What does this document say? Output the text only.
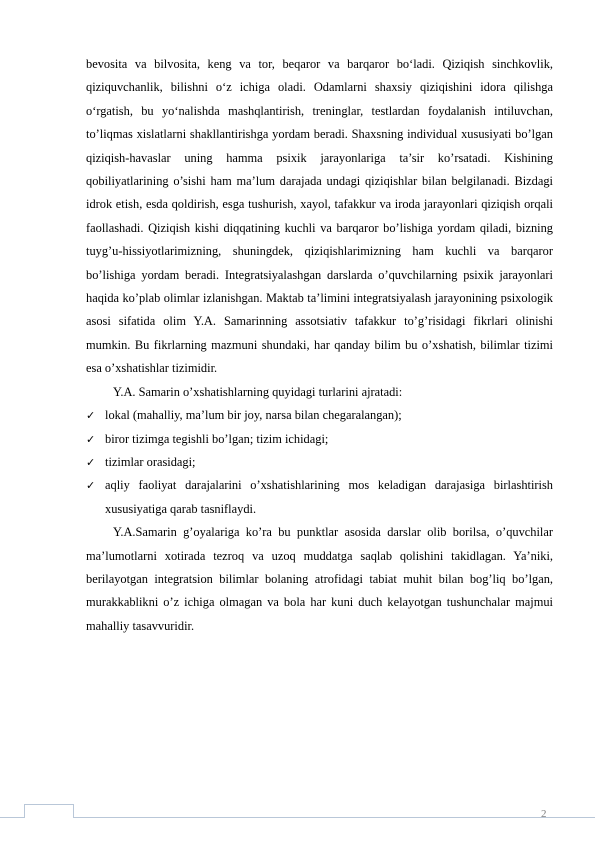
bevosita va bilvosita, keng va tor, beqaror va barqaror bo‘ladi. Qiziqish sinchkovlik, qiziquvchanlik, bilishni o‘z ichiga oladi. Odamlarni shaxsiy qiziqishini idora qilishga o‘rgatish, bu yo‘nalishda mashqlantirish, treninglar, testlardan foydalanish intiluvchan, to’liqmas xislatlarni shakllantirishga yordam beradi. Shaxsning individual xususiyati bo’lgan qiziqish-havaslar uning hamma psixik jarayonlariga ta’sir ko’rsatadi. Kishining qobiliyatlarining o’sishi ham ma’lum darajada undagi qiziqishlar bilan belgilanadi. Bizdagi idrok etish, esda qoldirish, esga tushurish, xayol, tafakkur va iroda jarayonlari qiziqish orqali faollashadi. Qiziqish kishi diqqatining kuchli va barqaror bo’lishiga yordam qiladi, bizning tuyg’u-hissiyotlarimizning, shuningdek, qiziqishlarimizning ham kuchli va barqaror bo’lishiga yordam beradi. Integratsiyalashgan darslarda o’quvchilarning psixik jarayonlari haqida ko’plab olimlar izlanishgan. Maktab ta’limini integratsiyalash jarayonining psixologik asosi sifatida olim Y.A. Samarinning assotsiativ tafakkur to’g’risidagi fikrlari olinishi mumkin. Bu fikrlarning mazmuni shundaki, har qanday bilim bu o’xshatish, bilimlar tizimi esa o’xshatishlar tizimidir.

Y.A. Samarin o’xshatishlarning quyidagi turlarini ajratadi:

✓ lokal (mahalliy, ma’lum bir joy, narsa bilan chegaralangan);
✓ biror tizimga tegishli bo’lgan; tizim ichidagi;
✓ tizimlar orasidagi;
✓ aqliy faoliyat darajalarini o’xshatishlarining mos keladigan darajasiga birlashtirish xususiyatiga qarab tasniflaydi.

Y.A.Samarin g’oyalariga ko’ra bu punktlar asosida darslar olib borilsa, o’quvchilar ma’lumotlarni xotirada tezroq va uzoq muddatga saqlab qolishini takidlagan. Ya’niki, berilayotgan integratsion bilimlar bolaning atrofidagi tabiat muhit bilan bog’liq bo’lgan, murakkablikni o’z ichiga olmagan va bola har kuni duch kelayotgan tushunchalar majmui mahalliy tasavvuridir.

2
